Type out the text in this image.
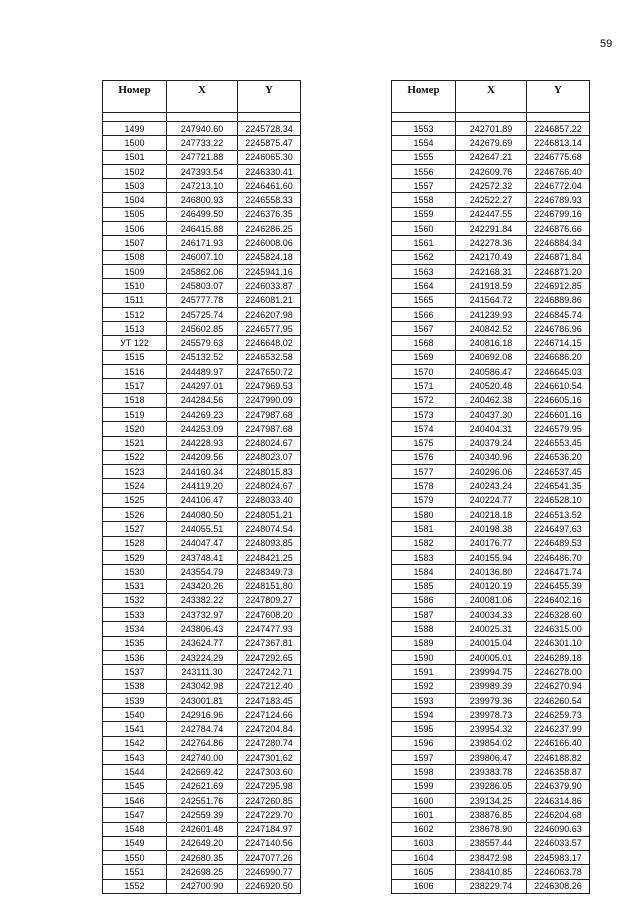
59
Номер	X	Y

1499	247940.60	2245728.34
1500	247733.22	2245875.47
1501	247721.88	2246065.30
1502	247393.54	2246330.41
1503	247213.10	2246461.60
1504	246800.93	2246558.33
1505	246499.50	2246376.35
1506	246415.88	2246286.25
1507	246171.93	2246008.06
1508	246007.10	2245824.18
1509	245862.06	2245941.16
1510	245803.07	2246033.87
1511	245777.78	2246081.21
1512	245725.74	2246207.98
1513	245602.85	2246577.95
УТ 122	245579.63	2246648.02
1515	245132.52	2246532.58
1516	244489.97	2247650.72
1517	244297.01	2247969.53
1518	244284.56	2247990.09
1519	244269.23	2247987.68
1520	244253.09	2247987.68
1521	244228.93	2248024.67
1522	244209.56	2248023.07
1523	244160.34	2248015.83
1524	244119.20	2248024.67
1525	244106.47	2248033.40
1526	244080.50	2248051.21
1527	244055.51	2248074.54
1528	244047.47	2248093.85
1529	243748.41	2248421.25
1530	243554.79	2248349.73
1531	243420.26	2248151.80
1532	243382.22	2247809.27
1533	243732.97	2247608.20
1534	243806.43	2247477.93
1535	243624.77	2247367.81
1536	243224.29	2247292.65
1537	243111.30	2247242.71
1538	243042.98	2247212.40
1539	243001.81	2247183.45
1540	242916.96	2247124.66
1541	242784.74	2247204.84
1542	242764.86	2247280.74
1543	242740.00	2247301.62
1544	242669.42	2247303.60
1545	242621.69	2247295.98
1546	242551.76	2247260.85
1547	242559.39	2247229.70
1548	242601.48	2247184.97
1549	242649.20	2247140.56
1550	242680.35	2247077.26
1551	242698.25	2246990.77
1552	242700.90	2246920.50
Номер	X	Y

1553	242701.89	2246857.22
1554	242679.69	2246813.14
1555	242647.21	2246775.68
1556	242609.76	2246766.40
1557	242572.32	2246772.04
1558	242522.27	2246789.93
1559	242447.55	2246799.16
1560	242291.84	2246876.66
1561	242278.36	2246884.34
1562	242170.49	2246871.84
1563	242168.31	2246871.20
1564	241918.59	2246912.85
1565	241564.72	2246889.86
1566	241239.93	2246845.74
1567	240842.52	2246786.96
1568	240816.18	2246714.15
1569	240692.08	2246686.20
1570	240586.47	2246645.03
1571	240520.48	2246610.54
1572	240462.38	2246605.16
1573	240437.30	2246601.16
1574	240404.31	2246579.95
1575	240379.24	2246553.45
1576	240340.96	2246536.20
1577	240296.06	2246537.45
1578	240243.24	2246541.35
1579	240224.77	2246528.10
1580	240218.18	2246513.52
1581	240198.38	2246497.63
1582	240176.77	2246489.53
1583	240155.94	2246486.70
1584	240136.80	2246471.74
1585	240120.19	2246455.39
1586	240081.06	2246402.16
1587	240034.33	2246328.60
1588	240025.31	2246315.00
1589	240015.04	2246301.10
1590	240005.01	2246289.18
1591	239994.75	2246278.00
1592	239989.39	2246270.94
1593	239979.36	2246260.54
1594	239978.73	2246259.73
1595	239954.32	2246237.99
1596	239854.02	2246166.40
1597	239806.47	2246188.82
1598	239383.78	2246358.87
1599	239286.05	2246379.90
1600	239134.25	2246314.86
1601	238876.85	2246204.68
1602	238678.90	2246090.63
1603	238557.44	2246033.57
1604	238472.98	2245983.17
1605	238410.85	2246063.78
1606	238229.74	2246308.26
